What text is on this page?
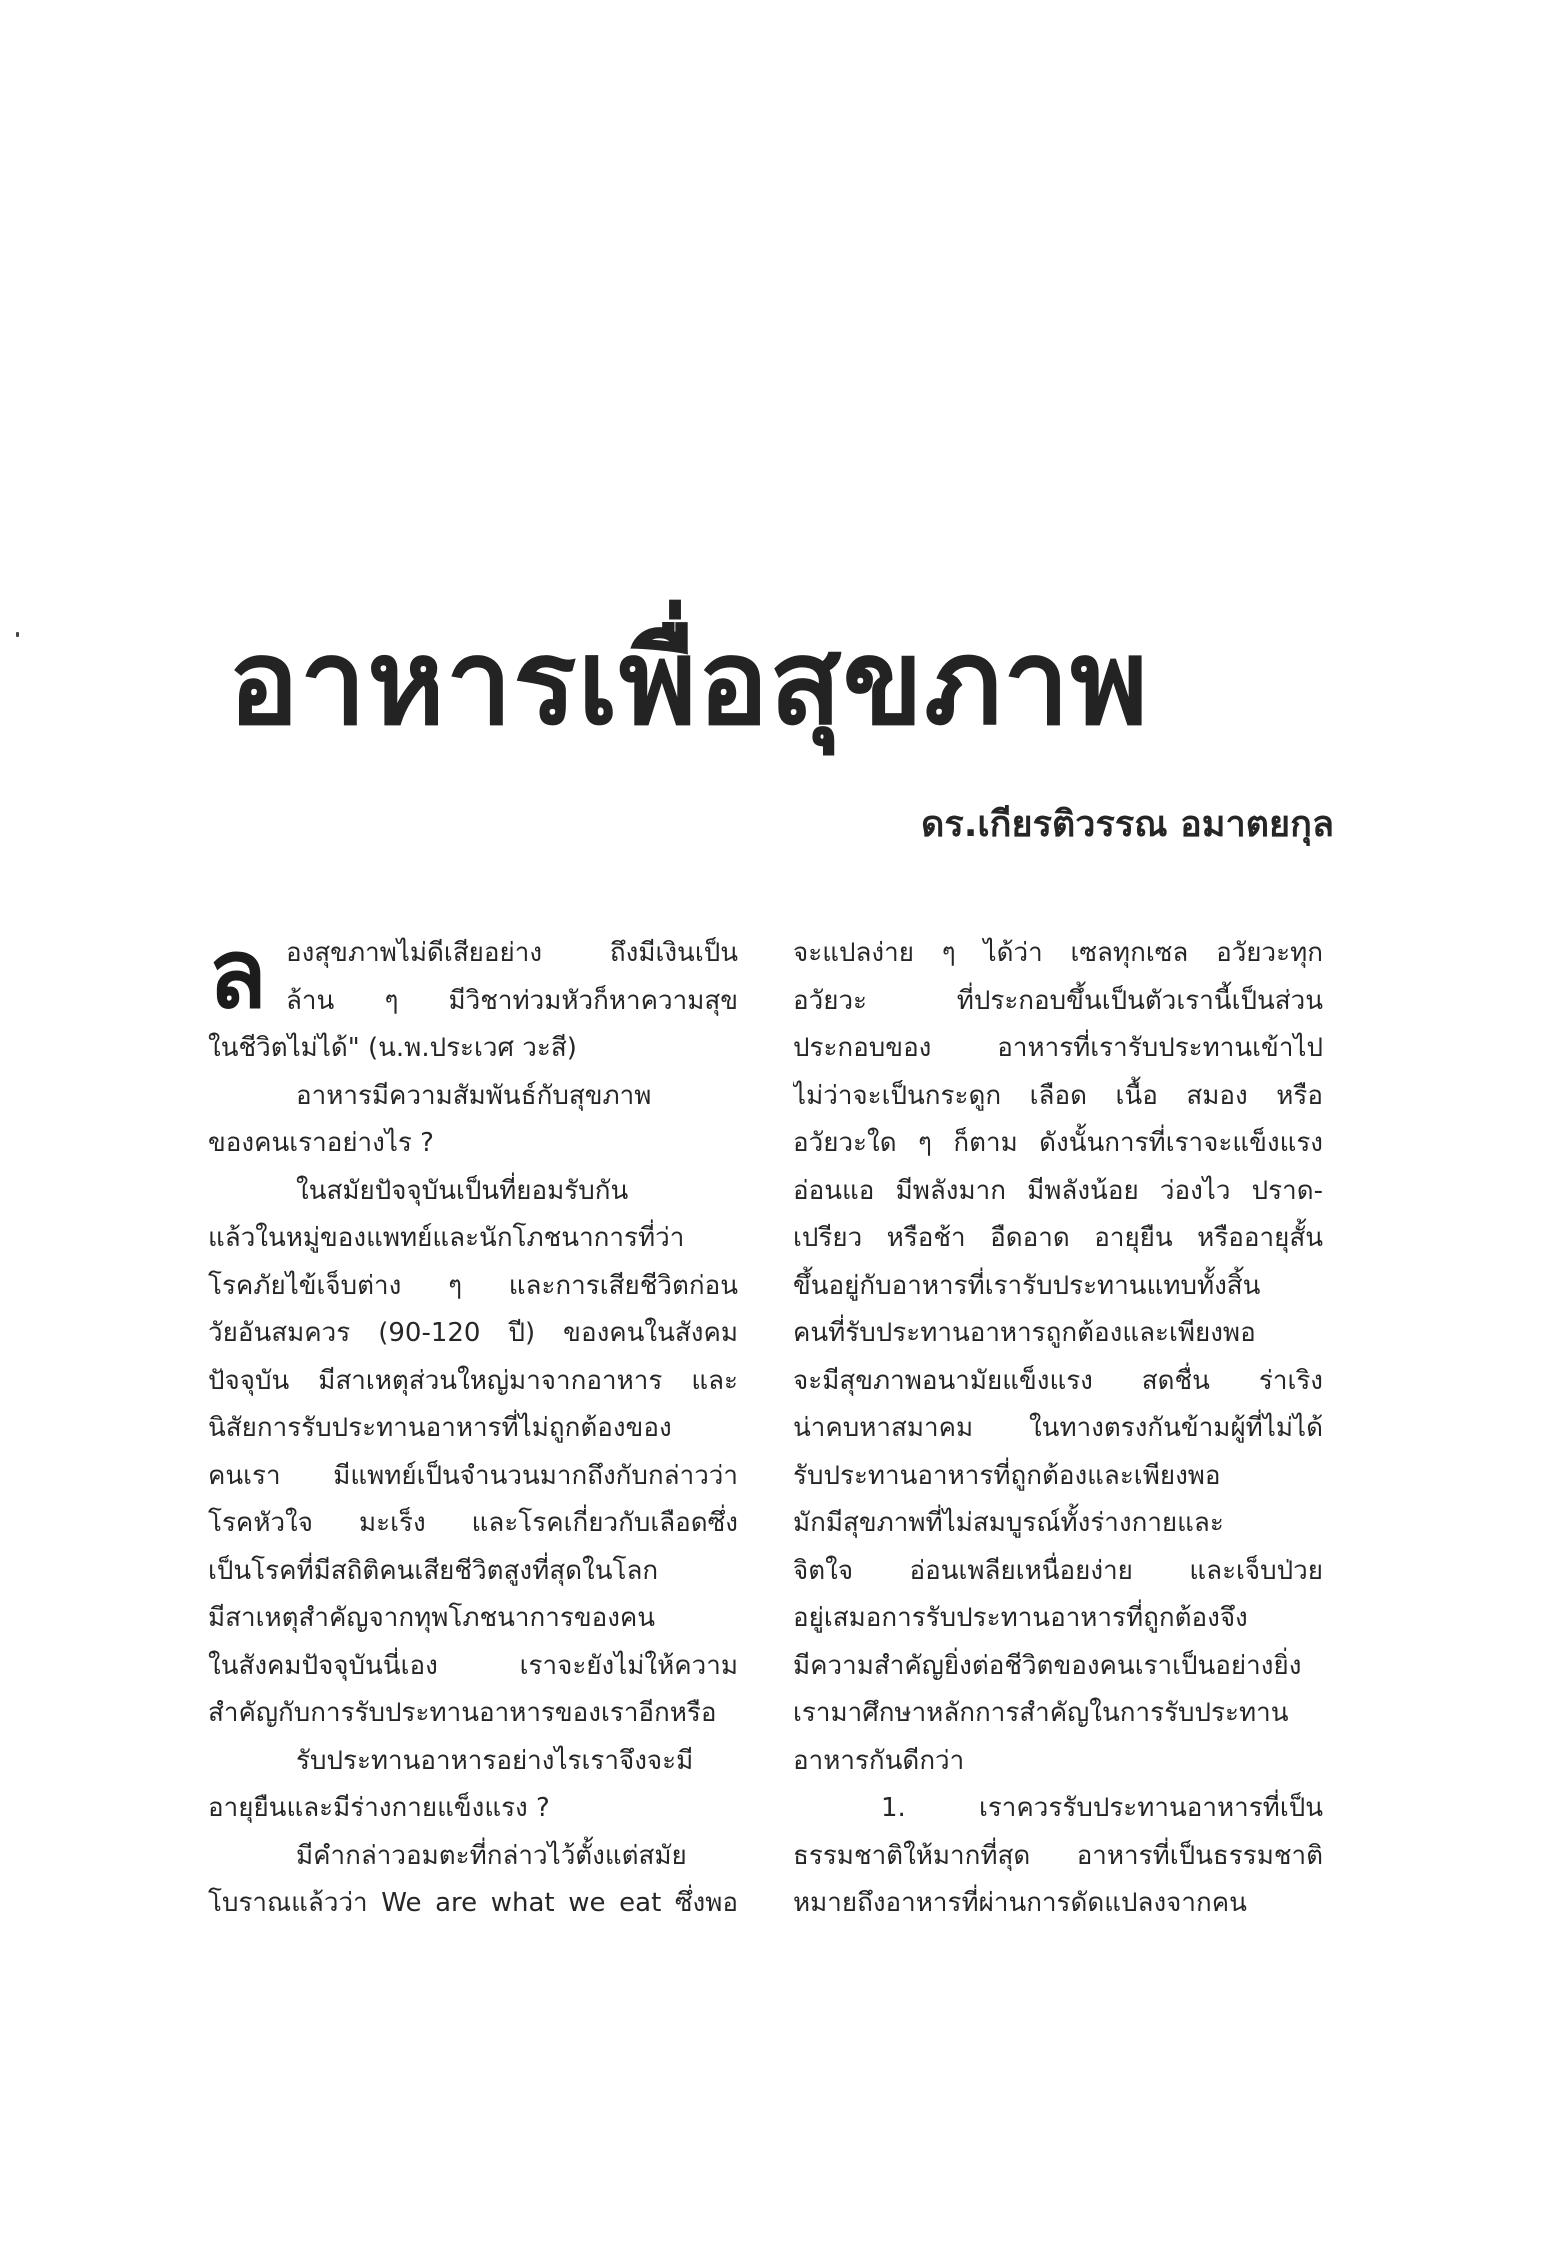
อาหารเพื่อสุขภาพ
ดร.เกียรติวรรณ อมาตยกุล
ล องสุขภาพไม่ดีเสียอย่าง ถึงมีเงินเป็น
ล้าน ๆ มีวิชาท่วมหัวก็หาความสุข
ในชีวิตไม่ได้" (น.พ.ประเวศ วะสี)
อาหารมีความสัมพันธ์กับสุขภาพ
ของคนเราอย่างไร ?
ในสมัยปัจจุบันเป็นที่ยอมรับกัน
แล้วในหมู่ของแพทย์และนักโภชนาการที่ว่า
โรคภัยไข้เจ็บต่าง ๆ และการเสียชีวิตก่อน
วัยอันสมควร (90-120 ปี) ของคนในสังคม
ปัจจุบัน มีสาเหตุส่วนใหญ่มาจากอาหาร และ
นิสัยการรับประทานอาหารที่ไม่ถูกต้องของ
คนเรา มีแพทย์เป็นจำนวนมากถึงกับกล่าวว่า
โรคหัวใจ มะเร็ง และโรคเกี่ยวกับเลือดซึ่ง
เป็นโรคที่มีสถิติคนเสียชีวิตสูงที่สุดในโลก
มีสาเหตุสำคัญจากทุพโภชนาการของคน
ในสังคมปัจจุบันนี่เอง เราจะยังไม่ให้ความ
สำคัญกับการรับประทานอาหารของเราอีกหรือ
รับประทานอาหารอย่างไรเราจึงจะมี
อายุยืนและมีร่างกายแข็งแรง ?
มีคำกล่าวอมตะที่กล่าวไว้ตั้งแต่สมัย
โบราณแล้วว่า We are what we eat ซึ่งพอ
จะแปลง่าย ๆ ได้ว่า เซลทุกเซล อวัยวะทุก
อวัยวะ ที่ประกอบขึ้นเป็นตัวเรานี้เป็นส่วน
ประกอบของ อาหารที่เรารับประทานเข้าไป
ไม่ว่าจะเป็นกระดูก เลือด เนื้อ สมอง หรือ
อวัยวะใด ๆ ก็ตาม ดังนั้นการที่เราจะแข็งแรง
อ่อนแอ มีพลังมาก มีพลังน้อย ว่องไว ปราด-
เปรียว หรือช้า อืดอาด อายุยืน หรืออายุสั้น
ขึ้นอยู่กับอาหารที่เรารับประทานแทบทั้งสิ้น
คนที่รับประทานอาหารถูกต้องและเพียงพอ
จะมีสุขภาพอนามัยแข็งแรง สดชื่น ร่าเริง
น่าคบหาสมาคม ในทางตรงกันข้ามผู้ที่ไม่ได้
รับประทานอาหารที่ถูกต้องและเพียงพอ
มักมีสุขภาพที่ไม่สมบูรณ์ทั้งร่างกายและ
จิตใจ อ่อนเพลียเหนื่อยง่าย และเจ็บป่วย
อยู่เสมอการรับประทานอาหารที่ถูกต้องจึง
มีความสำคัญยิ่งต่อชีวิตของคนเราเป็นอย่างยิ่ง
เรามาศึกษาหลักการสำคัญในการรับประทาน
อาหารกันดีกว่า
1. เราควรรับประทานอาหารที่เป็น
ธรรมชาติให้มากที่สุด อาหารที่เป็นธรรมชาติ
หมายถึงอาหารที่ผ่านการดัดแปลงจากคน
